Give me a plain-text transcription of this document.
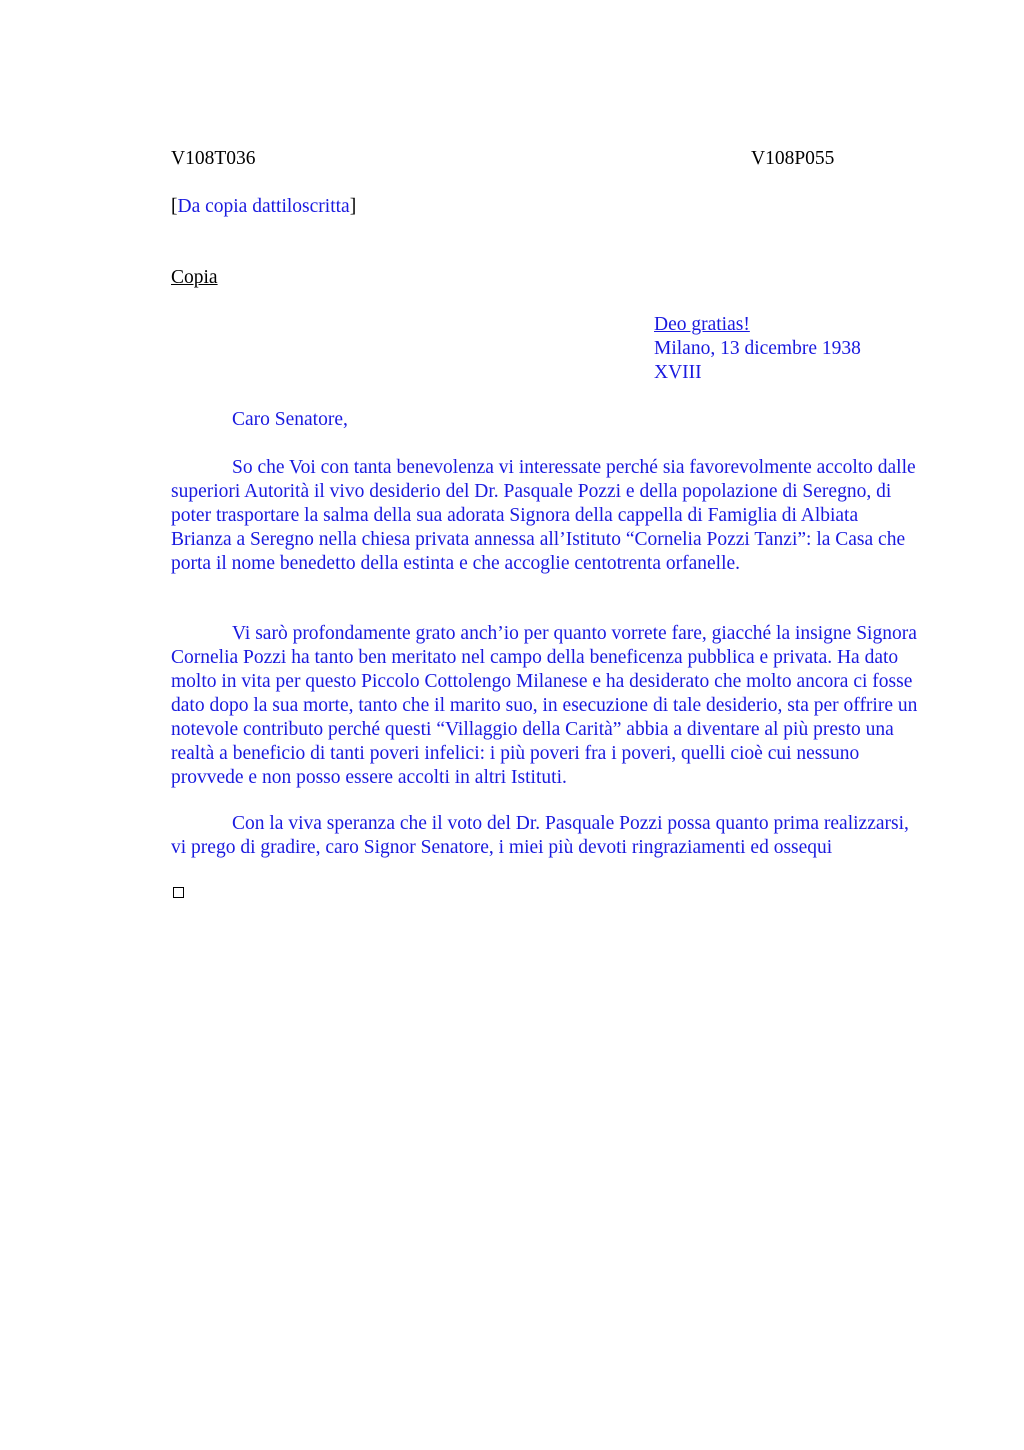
V108T036	V108P055
[Da copia dattiloscritta]
Copia
Deo gratias!
Milano, 13 dicembre 1938
XVIII
Caro Senatore,
So che Voi con tanta benevolenza vi interessate perché sia favorevolmente accolto dalle superiori Autorità il vivo desiderio del Dr. Pasquale Pozzi e della popolazione di Seregno, di poter trasportare la salma della sua adorata Signora della cappella di Famiglia di Albiata Brianza a Seregno nella chiesa privata annessa all’Istituto “Cornelia Pozzi Tanzi”: la Casa che porta il nome benedetto della estinta e che accoglie centotrenta orfanelle.
Vi sarò profondamente grato anch’io per quanto vorrete fare, giacché la insigne Signora Cornelia Pozzi ha tanto ben meritato nel campo della beneficenza pubblica e privata. Ha dato molto in vita per questo Piccolo Cottolengo Milanese e ha desiderato che molto ancora ci fosse dato dopo la sua morte, tanto che il marito suo, in esecuzione di tale desiderio, sta per offrire un notevole contributo perché questi “Villaggio della Carità” abbia a diventare al più presto una realtà a beneficio di tanti poveri infelici: i più poveri fra i poveri, quelli cioè cui nessuno provvede e non posso essere accolti in altri Istituti.
Con la viva speranza che il voto del Dr. Pasquale Pozzi possa quanto prima realizzarsi, vi prego di gradire, caro Signor Senatore, i miei più devoti ringraziamenti ed ossequi
